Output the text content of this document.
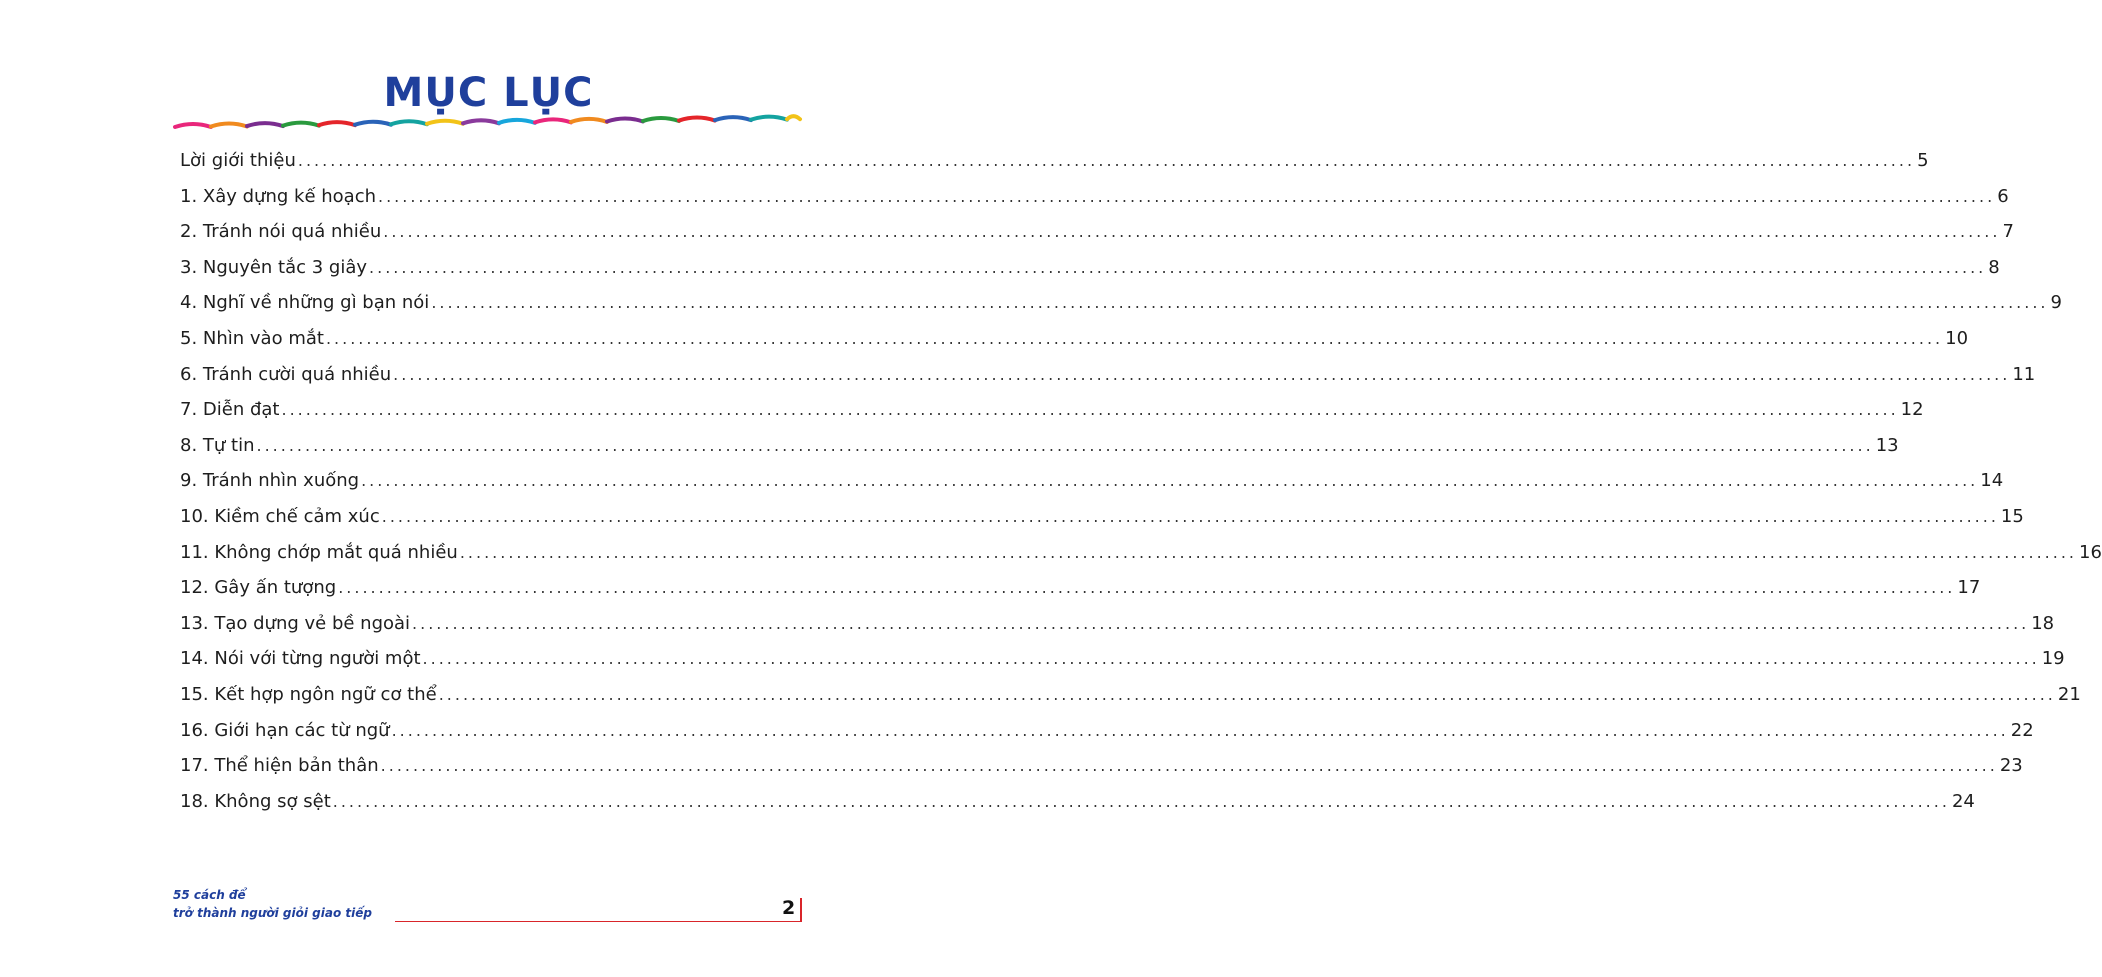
MỤC LỤC
Lời giới thiệu ........................................................................................................................................................................................................ 5
1. Xây dựng kế hoạch ........................................................................................................................................................................................................ 6
2. Tránh nói quá nhiều ........................................................................................................................................................................................................ 7
3. Nguyên tắc 3 giây ........................................................................................................................................................................................................ 8
4. Nghĩ về những gì bạn nói ........................................................................................................................................................................................................ 9
5. Nhìn vào mắt ........................................................................................................................................................................................................ 10
6. Tránh cười quá nhiều ........................................................................................................................................................................................................ 11
7. Diễn đạt ........................................................................................................................................................................................................ 12
8. Tự tin ........................................................................................................................................................................................................ 13
9. Tránh nhìn xuống ........................................................................................................................................................................................................ 14
10. Kiềm chế cảm xúc ........................................................................................................................................................................................................ 15
11. Không chớp mắt quá nhiều ........................................................................................................................................................................................................ 16
12. Gây ấn tượng ........................................................................................................................................................................................................ 17
13. Tạo dựng vẻ bề ngoài ........................................................................................................................................................................................................ 18
14. Nói với từng người một ........................................................................................................................................................................................................ 19
15. Kết hợp ngôn ngữ cơ thể ........................................................................................................................................................................................................ 21
16. Giới hạn các từ ngữ ........................................................................................................................................................................................................ 22
17. Thể hiện bản thân ........................................................................................................................................................................................................ 23
18. Không sợ sệt ........................................................................................................................................................................................................ 24
55 cách để
trở thành người giỏi giao tiếp	2
